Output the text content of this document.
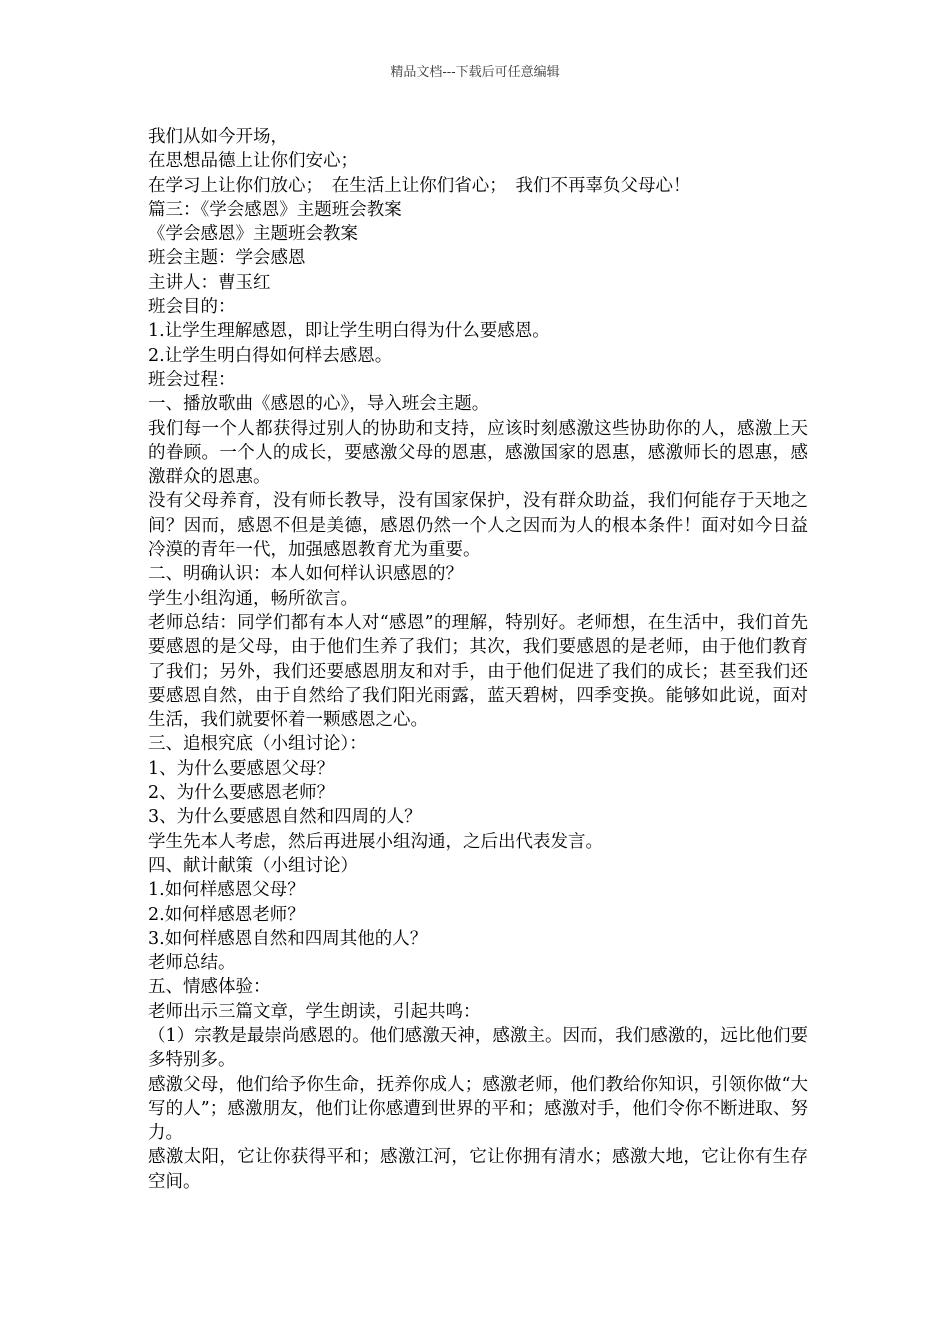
精品文档---下载后可任意编辑

我们从如今开场，

在思想品德上让你们安心；

在学习上让你们放心；　在生活上让你们省心；　我们不再辜负父母心！

篇三：《学会感恩》主题班会教案

《学会感恩》主题班会教案

班会主题：学会感恩

主讲人：曹玉红

班会目的：

1.让学生理解感恩，即让学生明白得为什么要感恩。

2.让学生明白得如何样去感恩。

班会过程：

一、播放歌曲《感恩的心》，导入班会主题。

我们每一个人都获得过别人的协助和支持，应该时刻感激这些协助你的人，感激上天的眷顾。一个人的成长，要感激父母的恩惠，感激国家的恩惠，感激师长的恩惠，感激群众的恩惠。

没有父母养育，没有师长教导，没有国家保护，没有群众助益，我们何能存于天地之间？因而，感恩不但是美德，感恩仍然一个人之因而为人的根本条件！面对如今日益冷漠的青年一代，加强感恩教育尤为重要。

二、明确认识：本人如何样认识感恩的？

学生小组沟通，畅所欲言。

老师总结：同学们都有本人对“感恩”的理解，特别好。老师想，在生活中，我们首先要感恩的是父母，由于他们生养了我们；其次，我们要感恩的是老师，由于他们教育了我们；另外，我们还要感恩朋友和对手，由于他们促进了我们的成长；甚至我们还要感恩自然，由于自然给了我们阳光雨露，蓝天碧树，四季变换。能够如此说，面对生活，我们就要怀着一颗感恩之心。

三、追根究底（小组讨论）：

1、为什么要感恩父母？

2、为什么要感恩老师？

3、为什么要感恩自然和四周的人？

学生先本人考虑，然后再进展小组沟通，之后出代表发言。

四、献计献策（小组讨论）

1.如何样感恩父母？

2.如何样感恩老师？

3.如何样感恩自然和四周其他的人？

老师总结。

五、情感体验：

老师出示三篇文章，学生朗读，引起共鸣：

（1）宗教是最崇尚感恩的。他们感激天神，感激主。因而，我们感激的，远比他们要多特别多。

感激父母，他们给予你生命，抚养你成人；感激老师，他们教给你知识，引领你做“大写的人”；感激朋友，他们让你感遭到世界的平和；感激对手，他们令你不断进取、努力。

感激太阳，它让你获得平和；感激江河，它让你拥有清水；感激大地，它让你有生存空间。
